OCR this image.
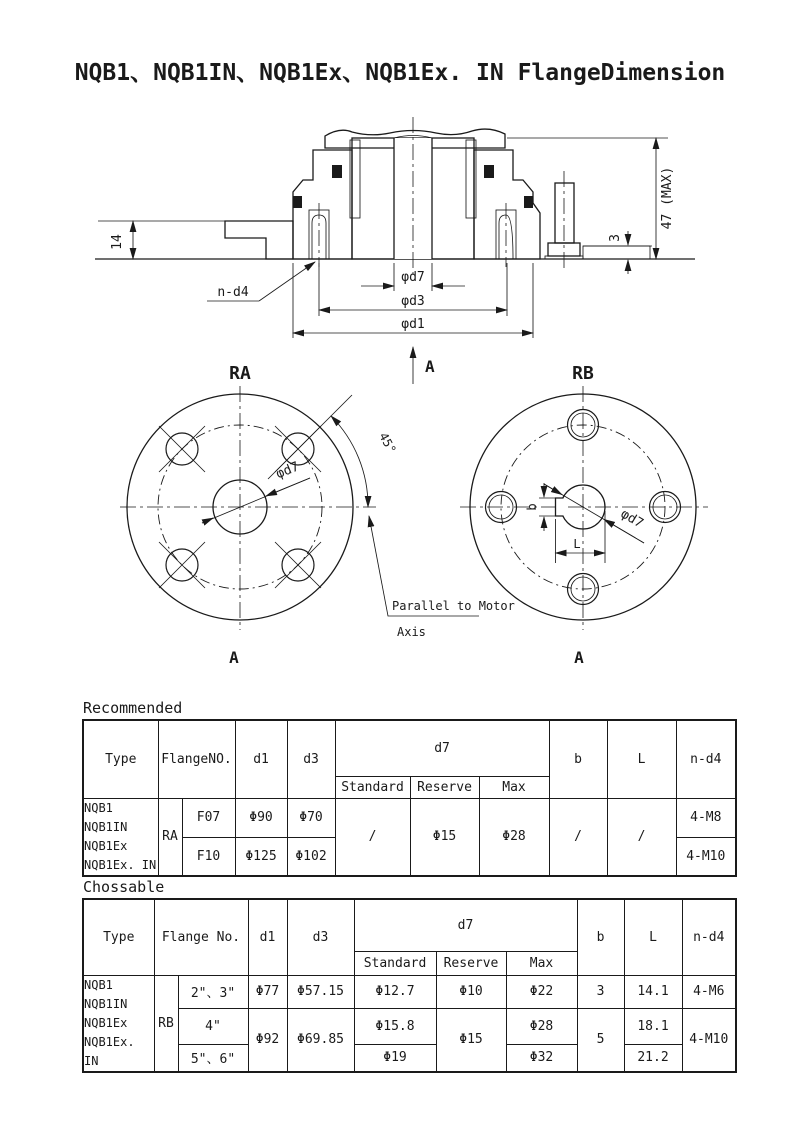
NQB1、NQB1IN、NQB1Ex、NQB1Ex. IN FlangeDimension
14
47 (MAX)
3
φd7
φd3
φd1
n-d4
A
45°
φd7
RA
A
b
L
φd7
RB
A
Parallel to Motor
Axis
Recommended
Type	FlangeNO.		d1	d3	d7			b	L	n-d4
					Standard	Reserve	Max			

NQB1
NQB1IN
NQB1Ex
NQB1Ex. IN	RA	F07	Φ90	Φ70	/	Φ15	Φ28	/	/	4-M8
		F10	Φ125	Φ102						4-M10
Chossable
Type	Flange No.		d1	d3	d7			b	L	n-d4
					Standard	Reserve	Max			

NQB1
NQB1IN
NQB1Ex
NQB1Ex. IN	RB	2"、3"	Φ77	Φ57.15	Φ12.7	Φ10	Φ22	3	14.1	4-M6
		4"	Φ92	Φ69.85	Φ15.8	Φ15	Φ28	5	18.1	4-M10
		5"、6"			Φ19		Φ32		21.2	
